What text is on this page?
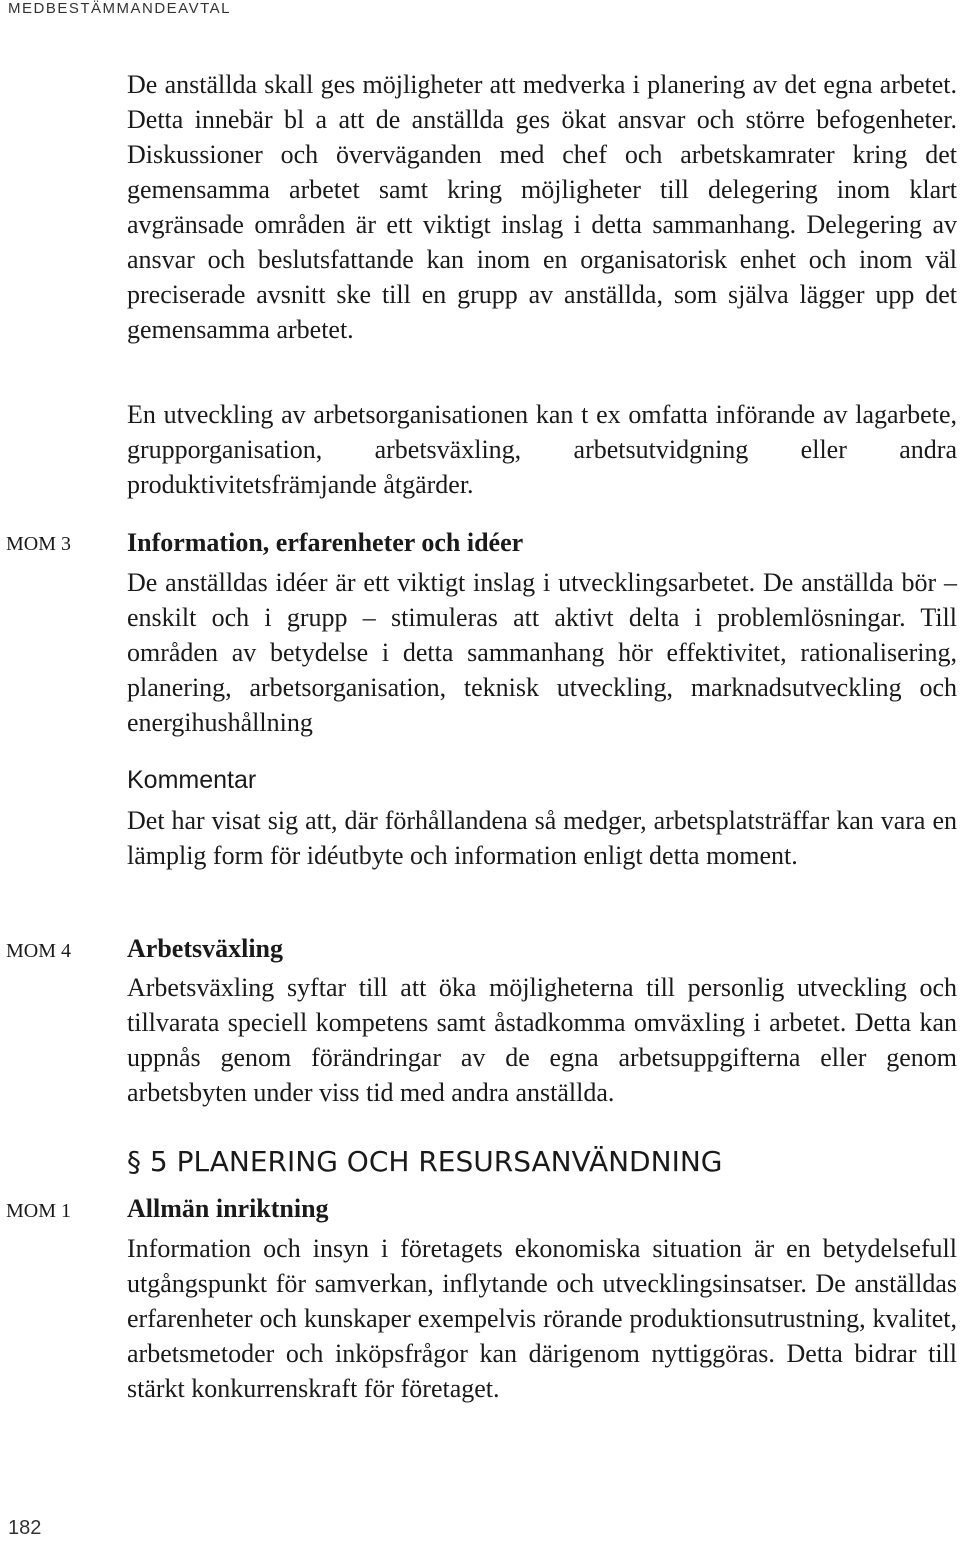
MEDBESTÄMMANDEAVTAL

De anställda skall ges möjligheter att medverka i planering av det egna arbetet. Detta innebär bl a att de anställda ges ökat ansvar och större befogenheter. Diskussioner och överväganden med chef och arbetskamrater kring det gemensamma arbetet samt kring möjligheter till delegering inom klart avgränsade områden är ett viktigt inslag i detta sammanhang. Delegering av ansvar och beslutsfattande kan inom en organisatorisk enhet och inom väl preciserade avsnitt ske till en grupp av anställda, som själva lägger upp det gemensamma arbetet.

En utveckling av arbetsorganisationen kan t ex omfatta införande av lagarbete, grupporganisation, arbetsväxling, arbetsutvidgning eller andra produktivitetsfrämjande åtgärder.

MOM 3 Information, erfarenheter och idéer

De anställdas idéer är ett viktigt inslag i utvecklingsarbetet. De anställda bör – enskilt och i grupp – stimuleras att aktivt delta i problemlösningar. Till områden av betydelse i detta sammanhang hör effektivitet, rationalisering, planering, arbetsorganisation, teknisk utveckling, marknadsutveckling och energihushållning

Kommentar

Det har visat sig att, där förhållandena så medger, arbetsplatsträffar kan vara en lämplig form för idéutbyte och information enligt detta moment.

MOM 4 Arbetsväxling

Arbetsväxling syftar till att öka möjligheterna till personlig utveckling och tillvarata speciell kompetens samt åstadkomma omväxling i arbetet. Detta kan uppnås genom förändringar av de egna arbetsuppgifterna eller genom arbetsbyten under viss tid med andra anställda.

§ 5 PLANERING OCH RESURSANVÄNDNING
MOM 1 Allmän inriktning

Information och insyn i företagets ekonomiska situation är en betydelsefull utgångspunkt för samverkan, inflytande och utvecklingsinsatser. De anställdas erfarenheter och kunskaper exempelvis rörande produktionsutrustning, kvalitet, arbetsmetoder och inköpsfrågor kan därigenom nyttiggöras. Detta bidrar till stärkt konkurrenskraft för företaget.

182
